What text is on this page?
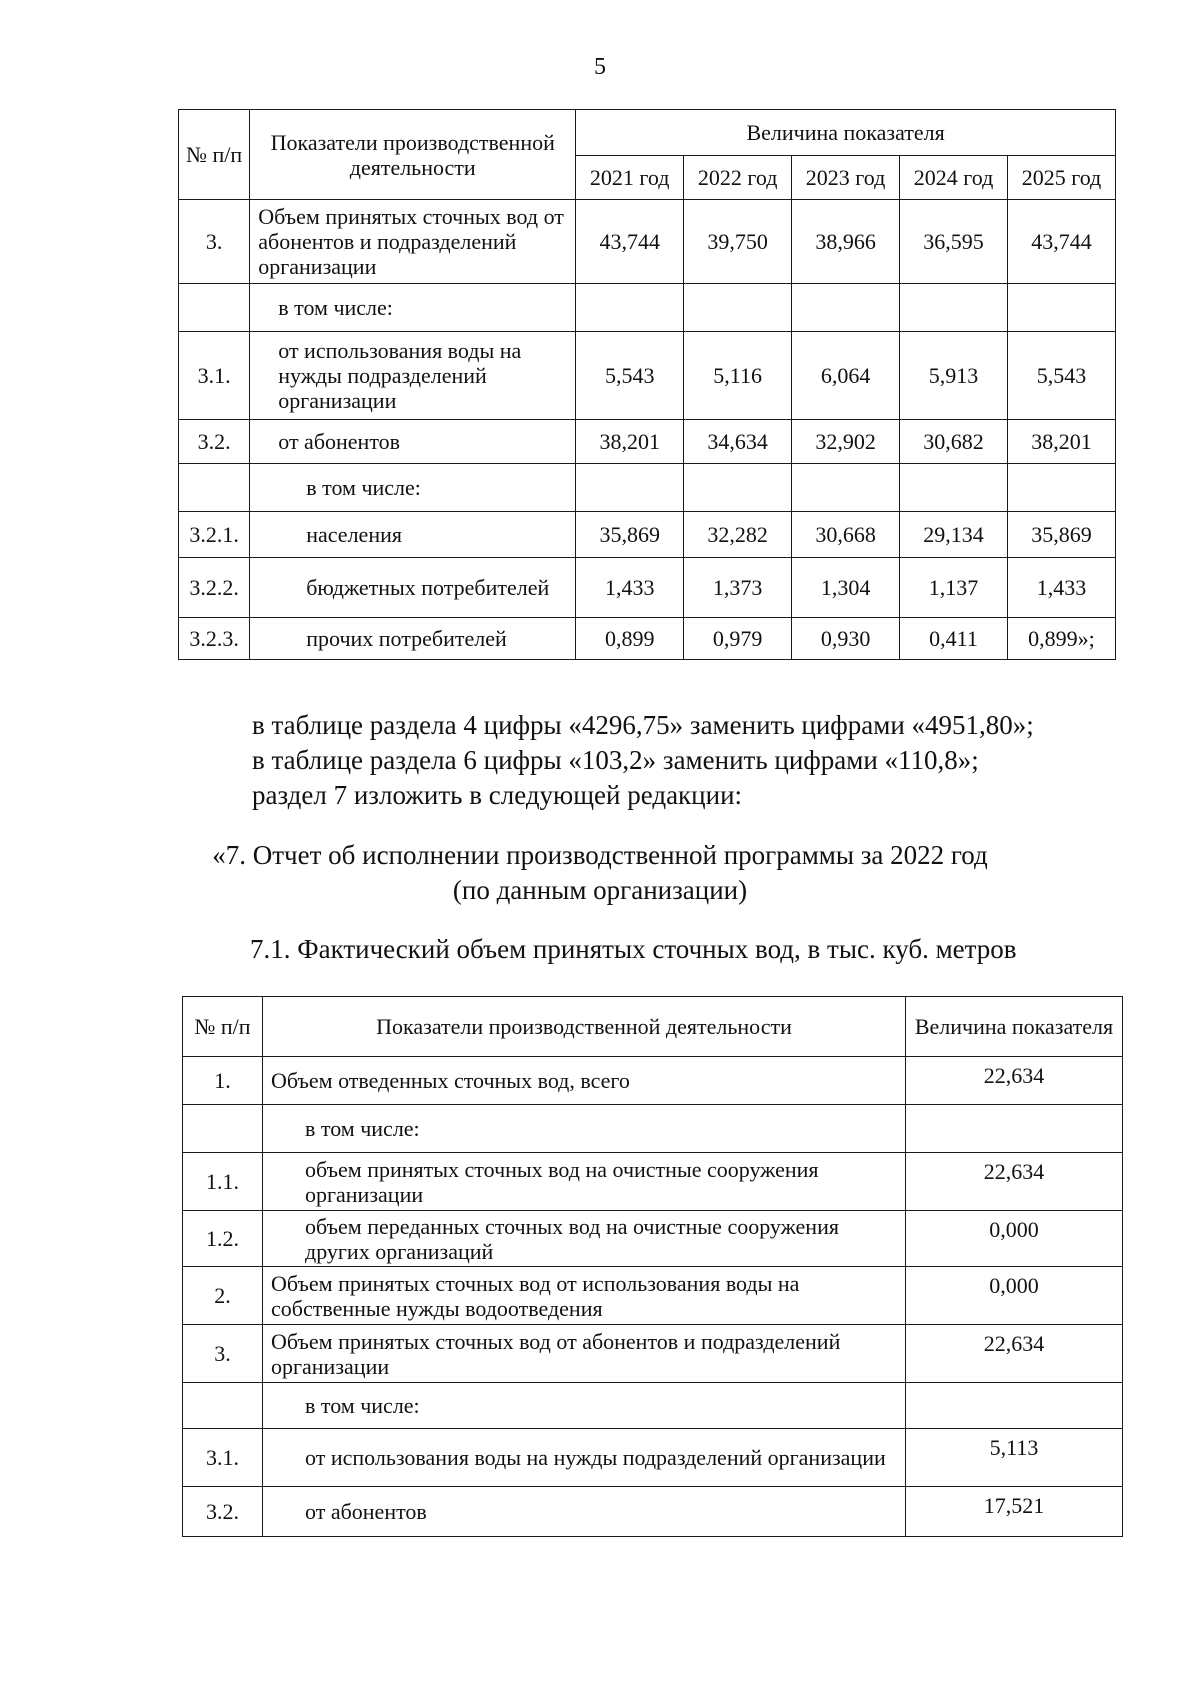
5
№ п/п	Показатели производственной деятельности	Величина показателя				
		2021 год	2022 год	2023 год	2024 год	2025 год
3.	Объем принятых сточных вод от абонентов и подразделений организации	43,744	39,750	38,966	36,595	43,744
	в том числе:					
3.1.	от использования воды на нужды подразделений организации	5,543	5,116	6,064	5,913	5,543
3.2.	от абонентов	38,201	34,634	32,902	30,682	38,201
	в том числе:					
3.2.1.	населения	35,869	32,282	30,668	29,134	35,869
3.2.2.	бюджетных потребителей	1,433	1,373	1,304	1,137	1,433
3.2.3.	прочих потребителей	0,899	0,979	0,930	0,411	0,899»;
в таблице раздела 4 цифры «4296,75» заменить цифрами «4951,80»;
в таблице раздела 6 цифры «103,2» заменить цифрами «110,8»;
раздел 7 изложить в следующей редакции:
«7. Отчет об исполнении производственной программы за 2022 год
(по данным организации)
7.1. Фактический объем принятых сточных вод, в тыс. куб. метров
№ п/п	Показатели производственной деятельности	Величина показателя
1.	Объем отведенных сточных вод, всего	22,634
	в том числе:	
1.1.	объем принятых сточных вод на очистные сооружения организации	22,634
1.2.	объем переданных сточных вод на очистные сооружения других организаций	0,000
2.	Объем принятых сточных вод от использования воды на собственные нужды водоотведения	0,000
3.	Объем принятых сточных вод от абонентов и подразделений организации	22,634
	в том числе:	
3.1.	от использования воды на нужды подразделений организации	5,113
3.2.	от абонентов	17,521
